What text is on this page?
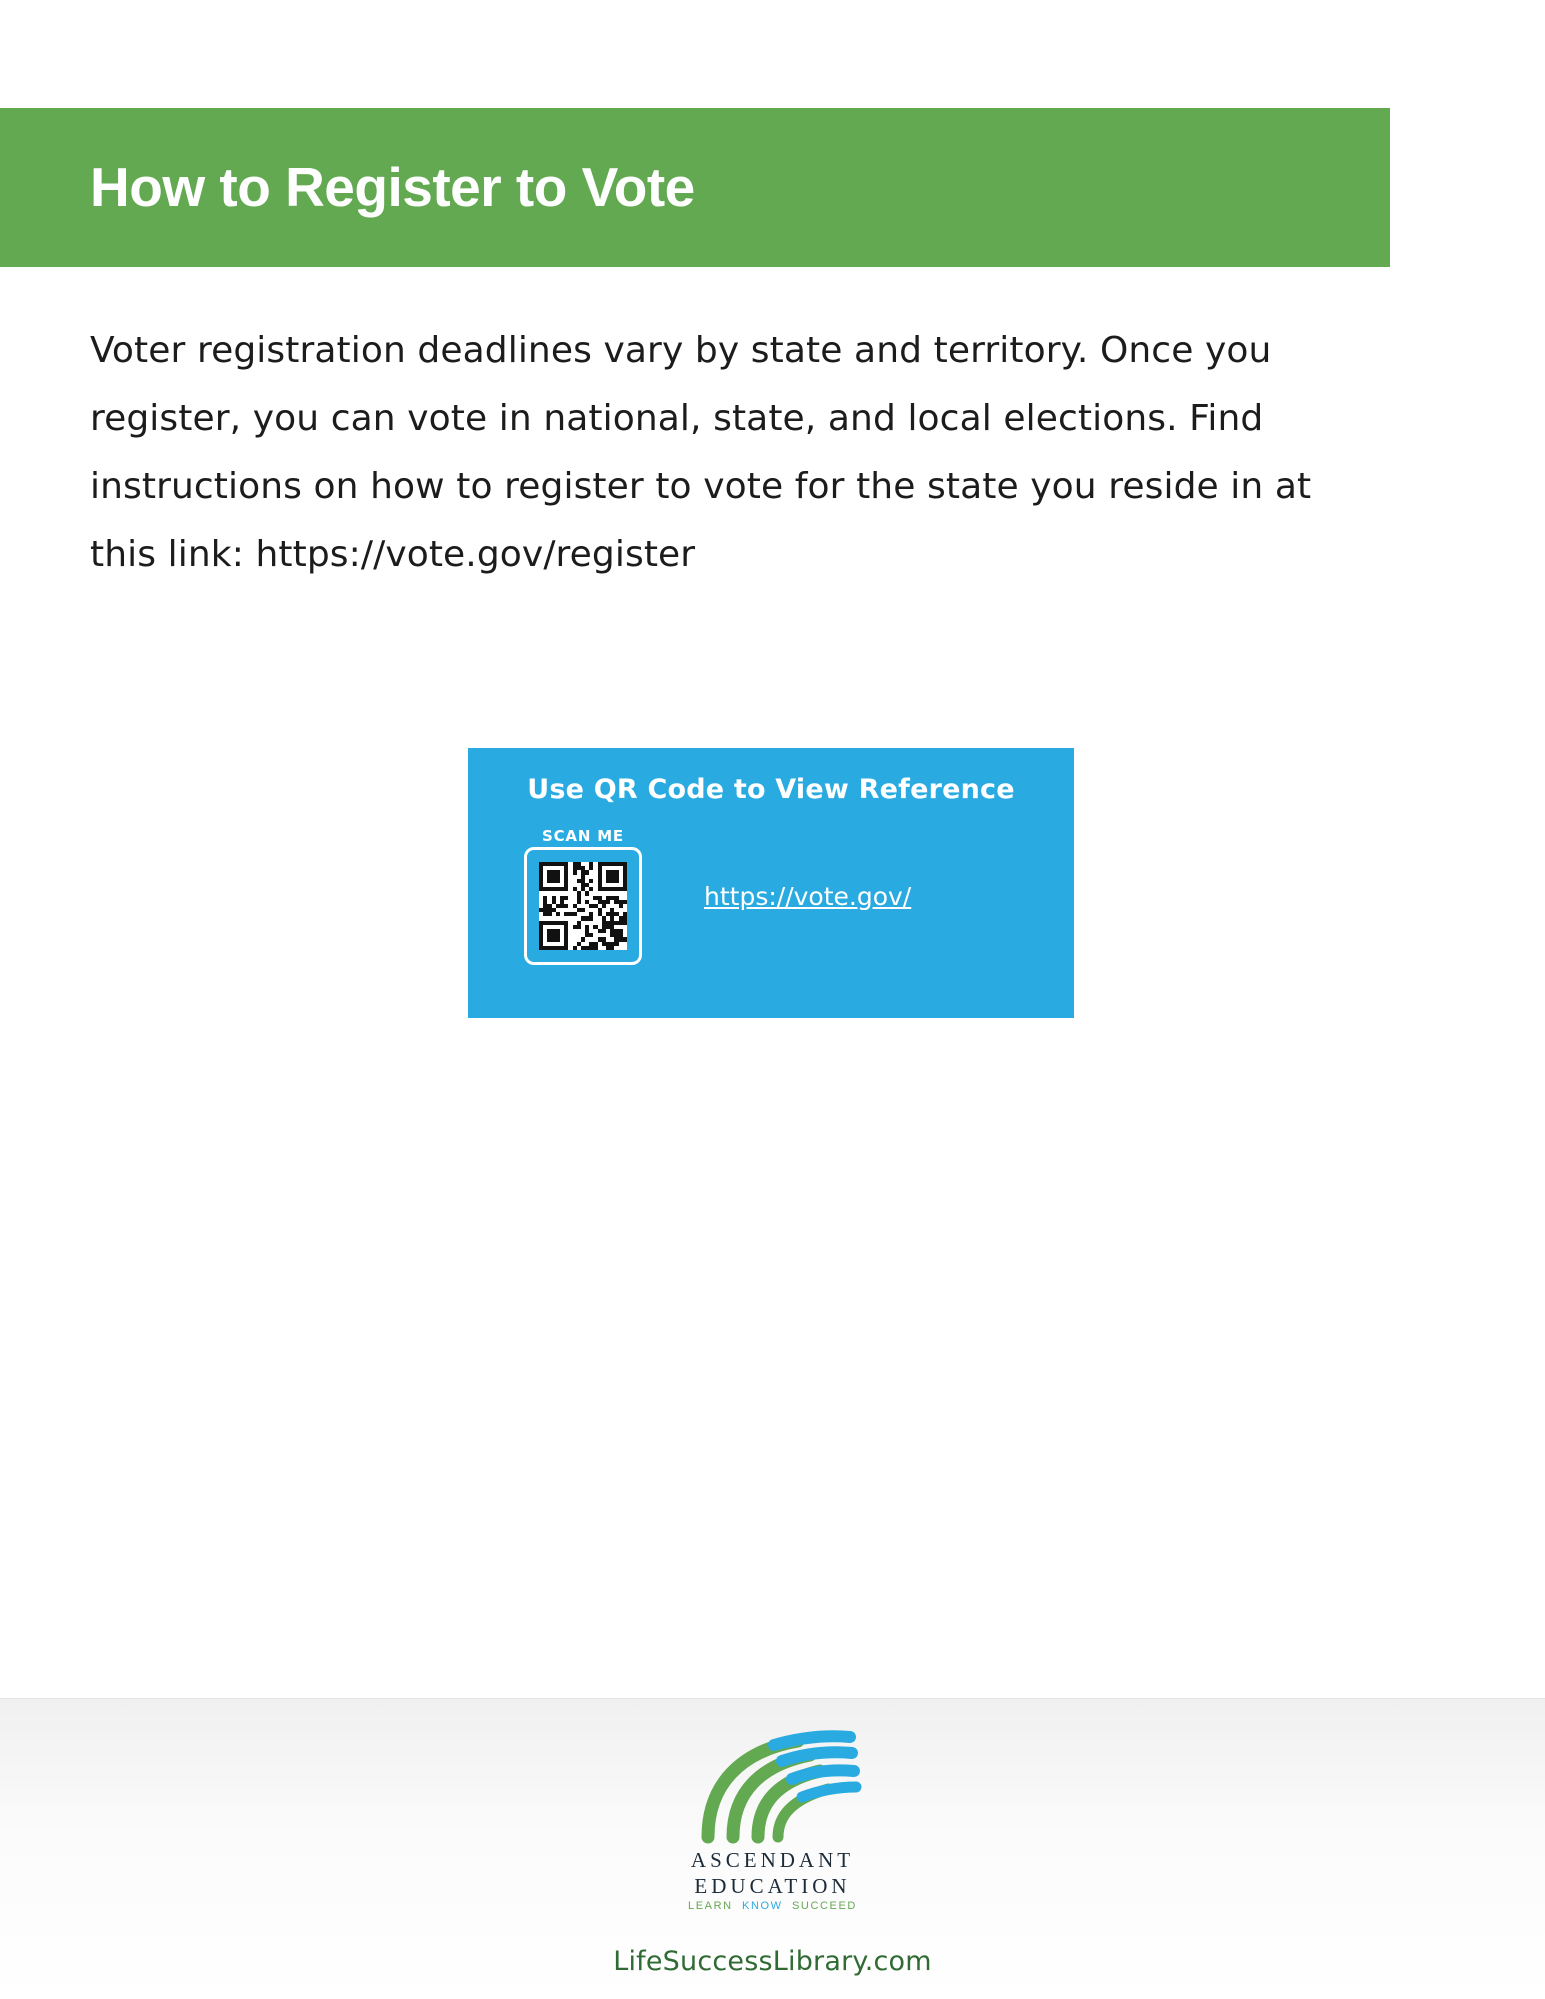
How to Register to Vote
Voter registration deadlines vary by state and territory. Once you register, you can vote in national, state, and local elections. Find instructions on how to register to vote for the state you reside in at this link: https://vote.gov/register
Use QR Code to View Reference
SCAN ME
https://vote.gov/
ASCENDANT
EDUCATION
LEARN KNOW SUCCEED
LifeSuccessLibrary.com
